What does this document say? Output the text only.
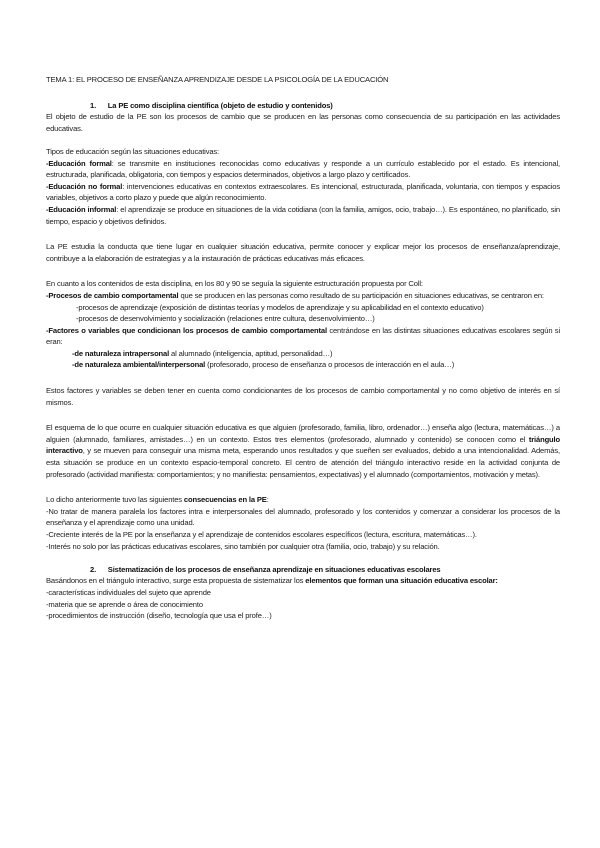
TEMA 1: EL PROCESO DE ENSEÑANZA APRENDIZAJE DESDE LA PSICOLOGÍA DE LA EDUCACIÓN

1.      La PE como disciplina científica (objeto de estudio y contenidos)

El objeto de estudio de la PE son los procesos de cambio que se producen en las personas como consecuencia de su participación en las actividades educativas.

Tipos de educación según las situaciones educativas:

-Educación formal: se transmite en instituciones reconocidas como educativas y responde a un currículo establecido por el estado. Es intencional, estructurada, planificada, obligatoria, con tiempos y espacios determinados, objetivos a largo plazo y certificados.

-Educación no formal: intervenciones educativas en contextos extraescolares. Es intencional, estructurada, planificada, voluntaria, con tiempos y espacios variables, objetivos a corto plazo y puede que algún reconocimiento.

-Educación informal: el aprendizaje se produce en situaciones de la vida cotidiana (con la familia, amigos, ocio, trabajo…). Es espontáneo, no planificado, sin tiempo, espacio y objetivos definidos.

La PE estudia la conducta que tiene lugar en cualquier situación educativa, permite conocer y explicar mejor los procesos de enseñanza/aprendizaje, contribuye a la elaboración de estrategias y a la instauración de prácticas educativas más eficaces.

En cuanto a los contenidos de esta disciplina, en los 80 y 90 se seguía la siguiente estructuración propuesta por Coll:

-Procesos de cambio comportamental que se producen en las personas como resultado de su participación en situaciones educativas, se centraron en:

-procesos de aprendizaje (exposición de distintas teorías y modelos de aprendizaje y su aplicabilidad en el contexto educativo)

-procesos de desenvolvimiento y socialización (relaciones entre cultura, desenvolvimiento…)

-Factores o variables que condicionan los procesos de cambio comportamental centrándose en las distintas situaciones educativas escolares según si eran:

-de naturaleza intrapersonal al alumnado (inteligencia, aptitud, personalidad…)

-de naturaleza ambiental/interpersonal (profesorado, proceso de enseñanza o procesos de interacción en el aula…)

Estos factores y variables se deben tener en cuenta como condicionantes de los procesos de cambio comportamental y no como objetivo de interés en sí mismos.

El esquema de lo que ocurre en cualquier situación educativa es que alguien (profesorado, familia, libro, ordenador…) enseña algo (lectura, matemáticas…) a alguien (alumnado, familiares, amistades…) en un contexto. Estos tres elementos (profesorado, alumnado y contenido) se conocen como el triángulo interactivo, y se mueven para conseguir una misma meta, esperando unos resultados y que sueñen ser evaluados, debido a una intencionalidad. Además, esta situación se produce en un contexto espacio-temporal concreto. El centro de atención del triángulo interactivo reside en la actividad conjunta de profesorado (actividad manifiesta: comportamientos; y no manifiesta: pensamientos, expectativas) y el alumnado (comportamientos, motivación y metas).

Lo dicho anteriormente tuvo las siguientes consecuencias en la PE:

-No tratar de manera paralela los factores intra e interpersonales del alumnado, profesorado y los contenidos y comenzar a considerar los procesos de la enseñanza y el aprendizaje como una unidad.

-Creciente interés de la PE por la enseñanza y el aprendizaje de contenidos escolares específicos (lectura, escritura, matemáticas…).

-Interés no solo por las prácticas educativas escolares, sino también por cualquier otra (familia, ocio, trabajo) y su relación.

2.      Sistematización de los procesos de enseñanza aprendizaje en situaciones educativas escolares

Basándonos en el triángulo interactivo, surge esta propuesta de sistematizar los elementos que forman una situación educativa escolar:

-características individuales del sujeto que aprende

-materia que se aprende o área de conocimiento

-procedimientos de instrucción (diseño, tecnología que usa el profe…)
